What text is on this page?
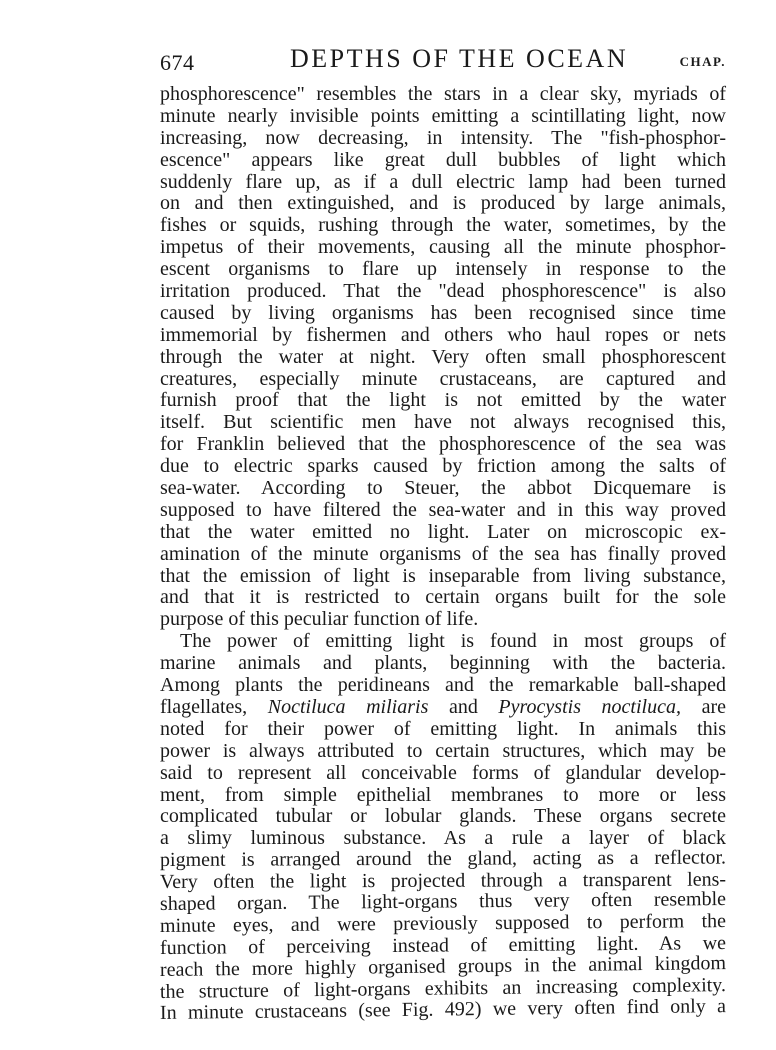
674	DEPTHS OF THE OCEAN	CHAP.
phosphorescence" resembles the stars in a clear sky, myriads of
minute nearly invisible points emitting a scintillating light, now
increasing, now decreasing, in intensity. The "fish-phosphor-
escence" appears like great dull bubbles of light which
suddenly flare up, as if a dull electric lamp had been turned
on and then extinguished, and is produced by large animals,
fishes or squids, rushing through the water, sometimes, by the
impetus of their movements, causing all the minute phosphor-
escent organisms to flare up intensely in response to the
irritation produced. That the "dead phosphorescence" is also
caused by living organisms has been recognised since time
immemorial by fishermen and others who haul ropes or nets
through the water at night. Very often small phosphorescent
creatures, especially minute crustaceans, are captured and
furnish proof that the light is not emitted by the water
itself. But scientific men have not always recognised this,
for Franklin believed that the phosphorescence of the sea was
due to electric sparks caused by friction among the salts of
sea-water. According to Steuer, the abbot Dicquemare is
supposed to have filtered the sea-water and in this way proved
that the water emitted no light. Later on microscopic ex-
amination of the minute organisms of the sea has finally proved
that the emission of light is inseparable from living substance,
and that it is restricted to certain organs built for the sole
purpose of this peculiar function of life.
The power of emitting light is found in most groups of
marine animals and plants, beginning with the bacteria.
Among plants the peridineans and the remarkable ball-shaped
flagellates, Noctiluca miliaris and Pyrocystis noctiluca, are
noted for their power of emitting light. In animals this
power is always attributed to certain structures, which may be
said to represent all conceivable forms of glandular develop-
ment, from simple epithelial membranes to more or less
complicated tubular or lobular glands. These organs secrete
a slimy luminous substance. As a rule a layer of black
pigment is arranged around the gland, acting as a reflector.
Very often the light is projected through a transparent lens-
shaped organ. The light-organs thus very often resemble
minute eyes, and were previously supposed to perform the
function of perceiving instead of emitting light. As we
reach the more highly organised groups in the animal kingdom
the structure of light-organs exhibits an increasing complexity.
In minute crustaceans (see Fig. 492) we very often find only a
